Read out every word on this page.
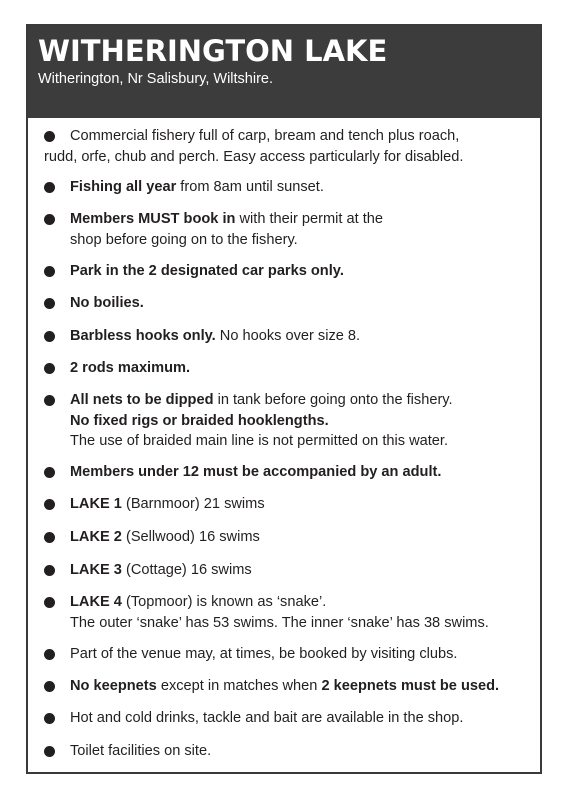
WITHERINGTON LAKE
Witherington, Nr Salisbury, Wiltshire.
Commercial fishery full of carp, bream and tench plus roach,
rudd, orfe, chub and perch. Easy access particularly for disabled.
Fishing all year from 8am until sunset.
Members MUST book in with their permit at the
shop before going on to the fishery.
Park in the 2 designated car parks only.
No boilies.
Barbless hooks only. No hooks over size 8.
2 rods maximum.
All nets to be dipped in tank before going onto the fishery.
No fixed rigs or braided hooklengths.
The use of braided main line is not permitted on this water.
Members under 12 must be accompanied by an adult.
LAKE 1 (Barnmoor) 21 swims
LAKE 2 (Sellwood) 16 swims
LAKE 3 (Cottage) 16 swims
LAKE 4 (Topmoor) is known as ‘snake’.
The outer ‘snake’ has 53 swims. The inner ‘snake’ has 38 swims.
Part of the venue may, at times, be booked by visiting clubs.
No keepnets except in matches when 2 keepnets must be used.
Hot and cold drinks, tackle and bait are available in the shop.
Toilet facilities on site.
